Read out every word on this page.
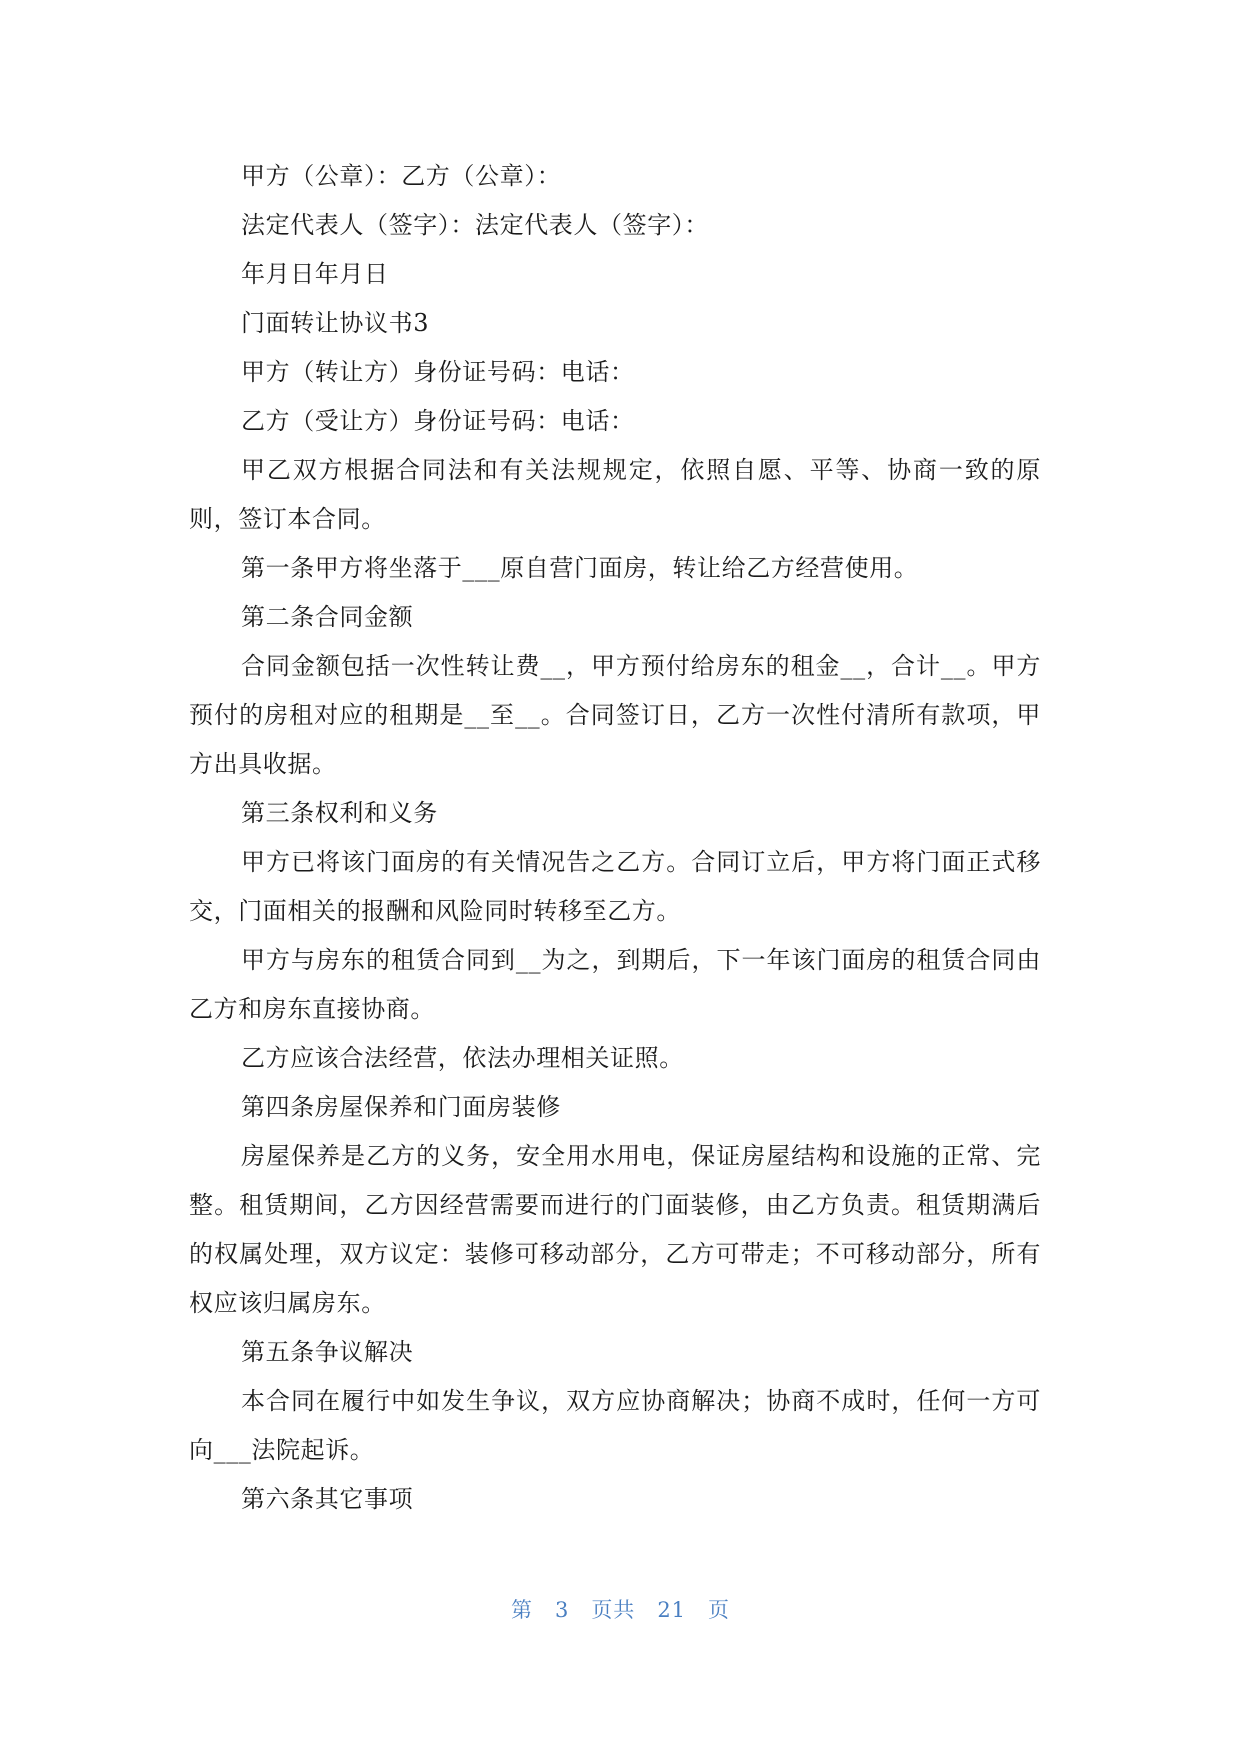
甲方（公章）：乙方（公章）：

法定代表人（签字）：法定代表人（签字）：

年月日年月日

门面转让协议书3

甲方（转让方）身份证号码：电话：

乙方（受让方）身份证号码：电话：

甲乙双方根据合同法和有关法规规定，依照自愿、平等、协商一致的原则，签订本合同。

第一条甲方将坐落于___原自营门面房，转让给乙方经营使用。

第二条合同金额

合同金额包括一次性转让费__，甲方预付给房东的租金__，合计__。甲方预付的房租对应的租期是__至__。合同签订日，乙方一次性付清所有款项，甲方出具收据。

第三条权利和义务

甲方已将该门面房的有关情况告之乙方。合同订立后，甲方将门面正式移交，门面相关的报酬和风险同时转移至乙方。

甲方与房东的租赁合同到__为之，到期后，下一年该门面房的租赁合同由乙方和房东直接协商。

乙方应该合法经营，依法办理相关证照。

第四条房屋保养和门面房装修

房屋保养是乙方的义务，安全用水用电，保证房屋结构和设施的正常、完整。租赁期间，乙方因经营需要而进行的门面装修，由乙方负责。租赁期满后的权属处理，双方议定：装修可移动部分，乙方可带走；不可移动部分，所有权应该归属房东。

第五条争议解决

本合同在履行中如发生争议，双方应协商解决；协商不成时，任何一方可向___法院起诉。

第六条其它事项

第 3 页共 21 页
